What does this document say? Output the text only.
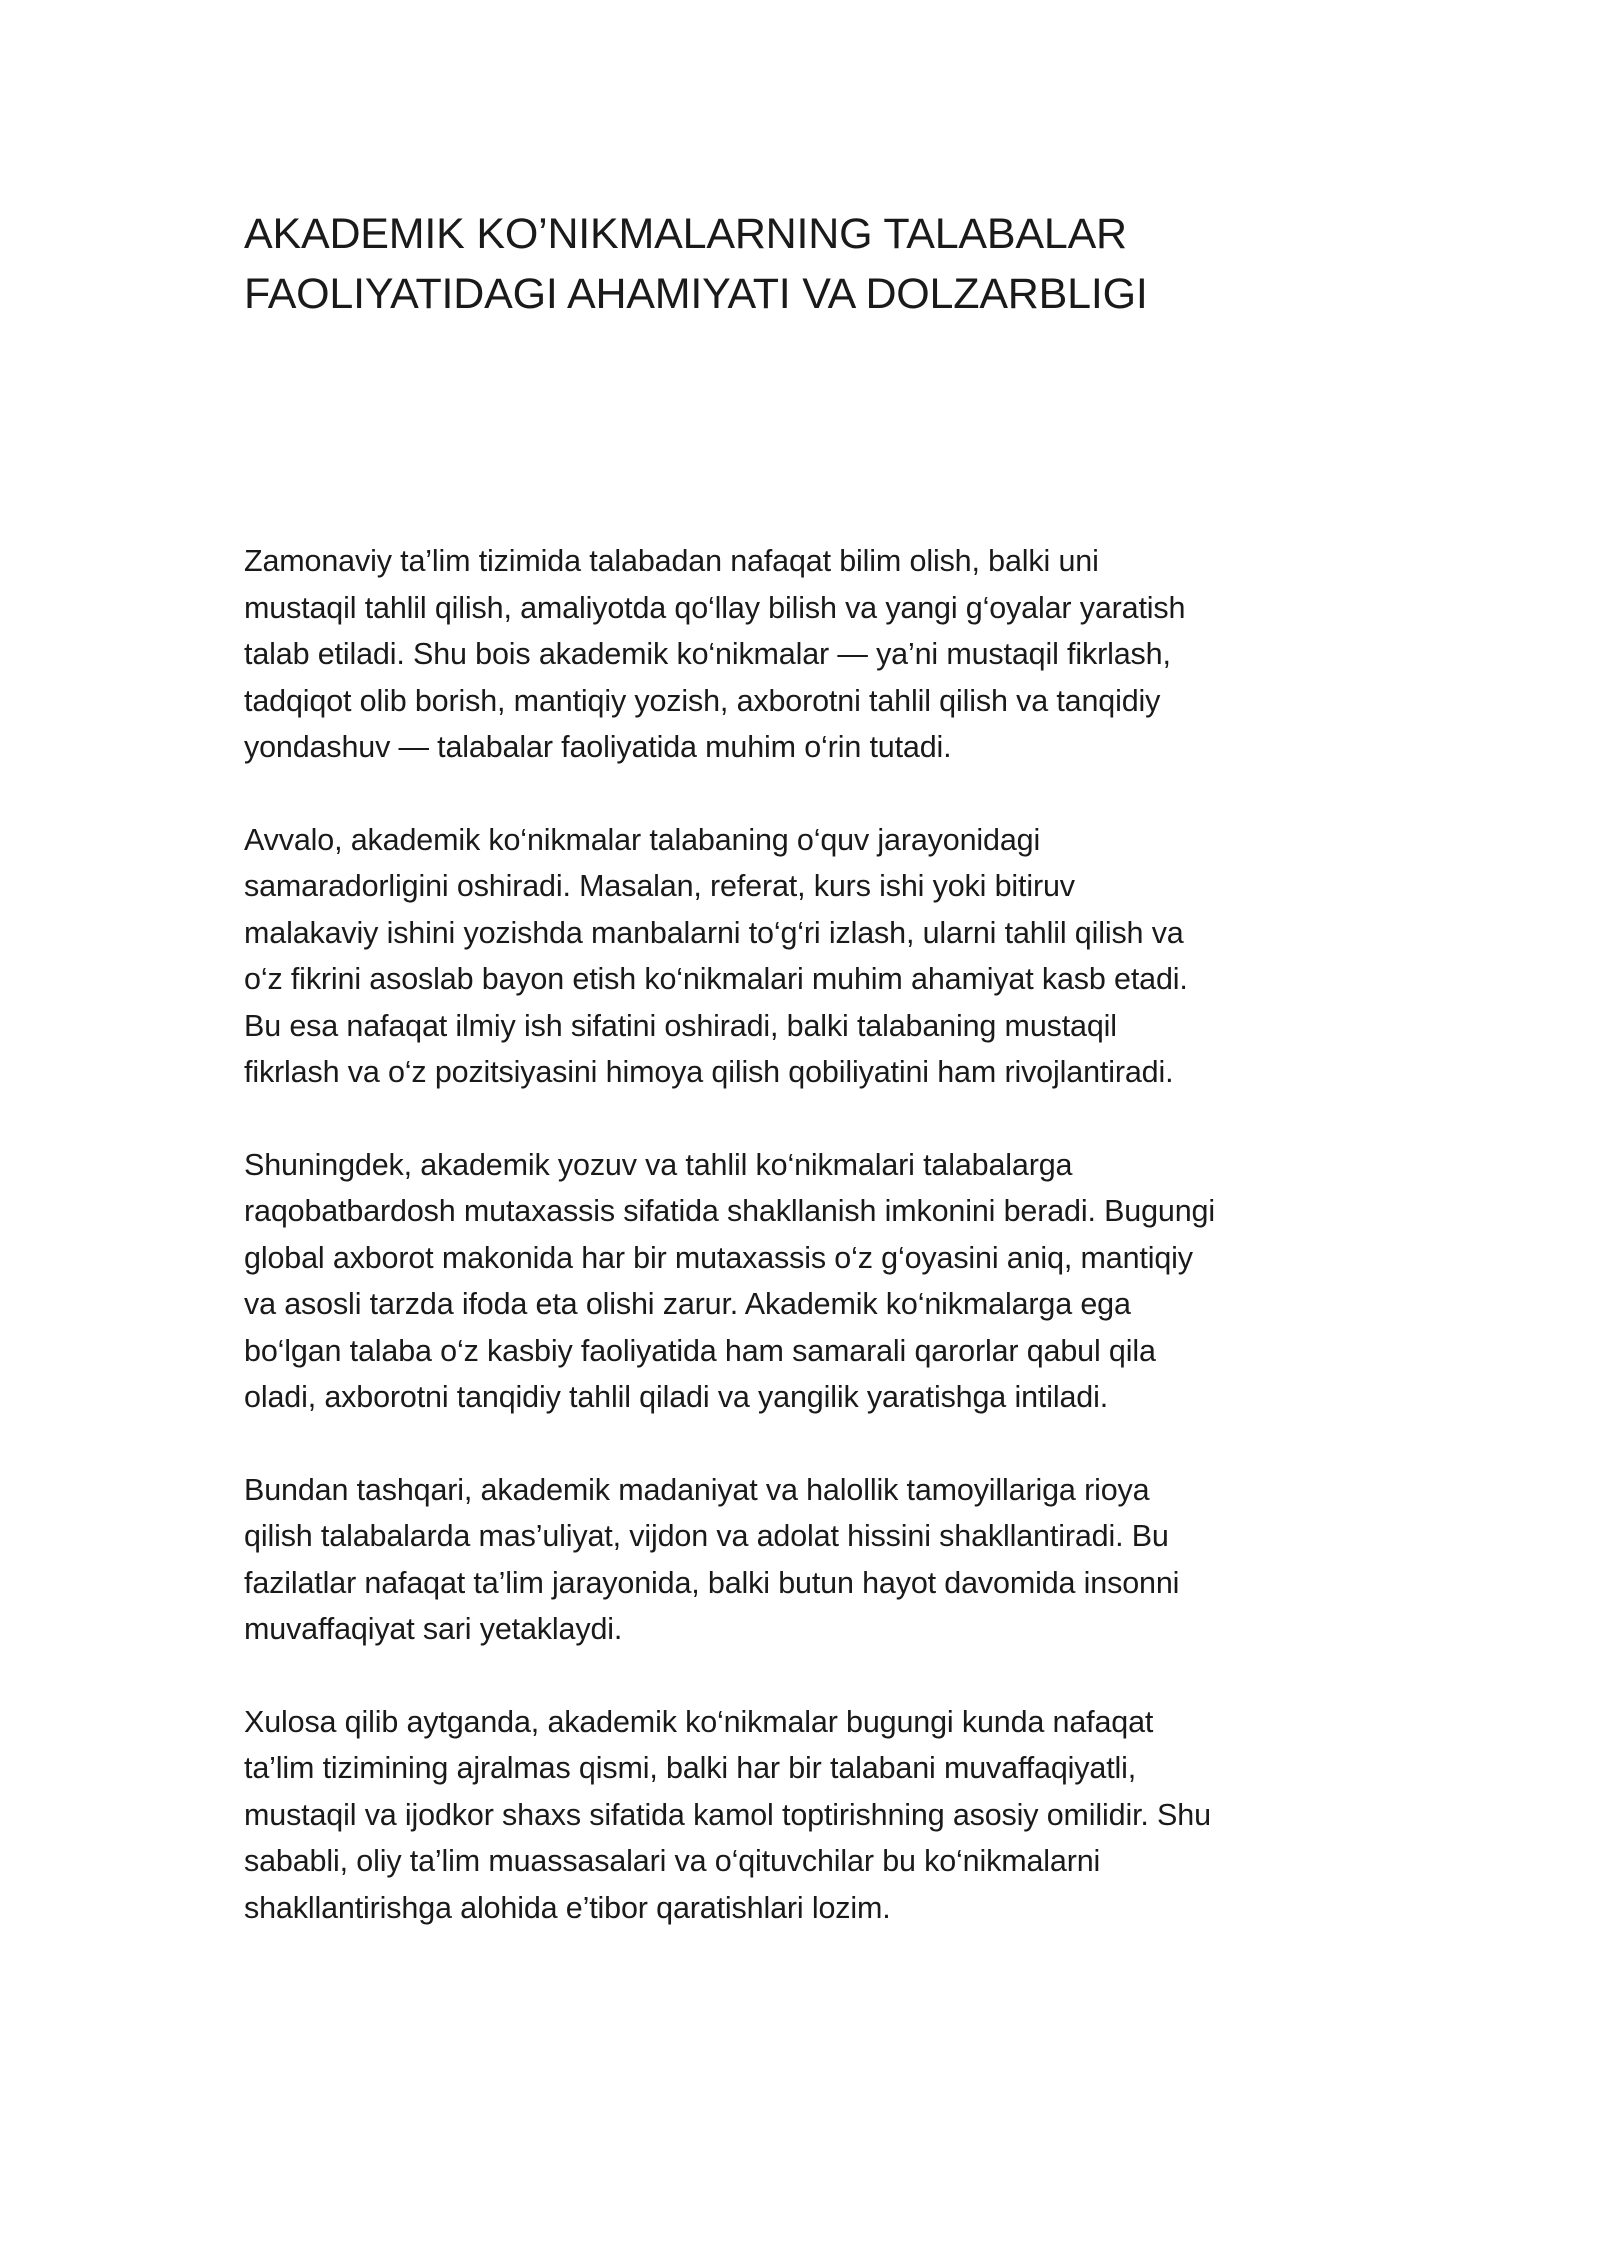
AKADEMIK KO’NIKMALARNING TALABALAR
FAOLIYATIDAGI AHAMIYATI VA DOLZARBLIGI

Zamonaviy ta’lim tizimida talabadan nafaqat bilim olish, balki uni
mustaqil tahlil qilish, amaliyotda qo‘llay bilish va yangi g‘oyalar yaratish
talab etiladi. Shu bois akademik ko‘nikmalar — ya’ni mustaqil fikrlash,
tadqiqot olib borish, mantiqiy yozish, axborotni tahlil qilish va tanqidiy
yondashuv — talabalar faoliyatida muhim o‘rin tutadi.

Avvalo, akademik ko‘nikmalar talabaning o‘quv jarayonidagi
samaradorligini oshiradi. Masalan, referat, kurs ishi yoki bitiruv
malakaviy ishini yozishda manbalarni to‘g‘ri izlash, ularni tahlil qilish va
o‘z fikrini asoslab bayon etish ko‘nikmalari muhim ahamiyat kasb etadi.
Bu esa nafaqat ilmiy ish sifatini oshiradi, balki talabaning mustaqil
fikrlash va o‘z pozitsiyasini himoya qilish qobiliyatini ham rivojlantiradi.

Shuningdek, akademik yozuv va tahlil ko‘nikmalari talabalarga
raqobatbardosh mutaxassis sifatida shakllanish imkonini beradi. Bugungi
global axborot makonida har bir mutaxassis o‘z g‘oyasini aniq, mantiqiy
va asosli tarzda ifoda eta olishi zarur. Akademik ko‘nikmalarga ega
bo‘lgan talaba o‘z kasbiy faoliyatida ham samarali qarorlar qabul qila
oladi, axborotni tanqidiy tahlil qiladi va yangilik yaratishga intiladi.

Bundan tashqari, akademik madaniyat va halollik tamoyillariga rioya
qilish talabalarda mas’uliyat, vijdon va adolat hissini shakllantiradi. Bu
fazilatlar nafaqat ta’lim jarayonida, balki butun hayot davomida insonni
muvaffaqiyat sari yetaklaydi.

Xulosa qilib aytganda, akademik ko‘nikmalar bugungi kunda nafaqat
ta’lim tizimining ajralmas qismi, balki har bir talabani muvaffaqiyatli,
mustaqil va ijodkor shaxs sifatida kamol toptirishning asosiy omilidir. Shu
sababli, oliy ta’lim muassasalari va o‘qituvchilar bu ko‘nikmalarni
shakllantirishga alohida e’tibor qaratishlari lozim.
